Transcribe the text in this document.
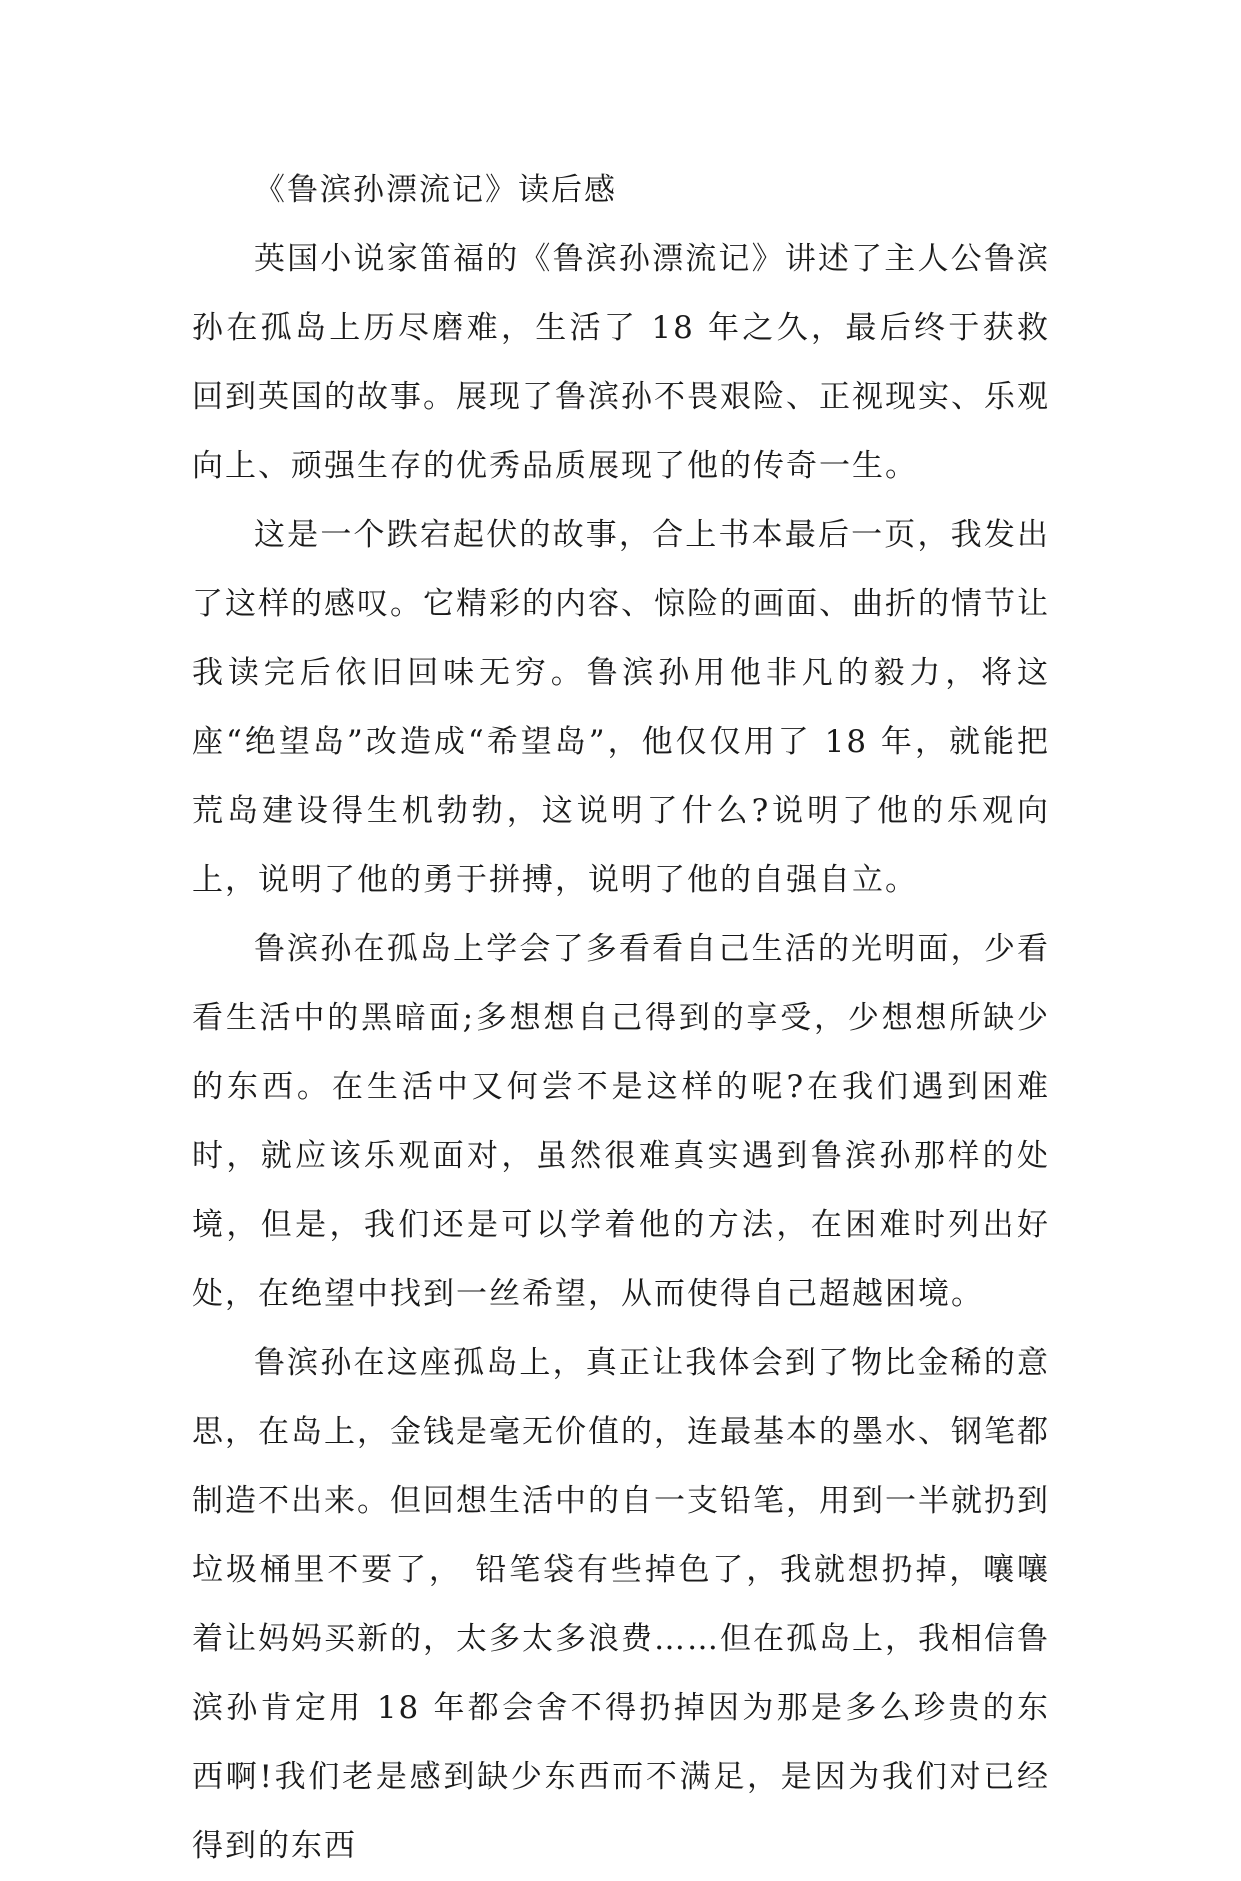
《鲁滨孙漂流记》读后感

英国小说家笛福的《鲁滨孙漂流记》讲述了主人公鲁滨孙在孤岛上历尽磨难，生活了 18 年之久，最后终于获救回到英国的故事。展现了鲁滨孙不畏艰险、正视现实、乐观向上、顽强生存的优秀品质展现了他的传奇一生。

这是一个跌宕起伏的故事，合上书本最后一页，我发出了这样的感叹。它精彩的内容、惊险的画面、曲折的情节让我读完后依旧回味无穷。鲁滨孙用他非凡的毅力，将这座“绝望岛”改造成“希望岛”，他仅仅用了 18 年，就能把荒岛建设得生机勃勃，这说明了什么?说明了他的乐观向上，说明了他的勇于拼搏，说明了他的自强自立。

鲁滨孙在孤岛上学会了多看看自己生活的光明面，少看看生活中的黑暗面;多想想自己得到的享受，少想想所缺少的东西。在生活中又何尝不是这样的呢?在我们遇到困难时，就应该乐观面对，虽然很难真实遇到鲁滨孙那样的处境，但是，我们还是可以学着他的方法，在困难时列出好处，在绝望中找到一丝希望，从而使得自己超越困境。

鲁滨孙在这座孤岛上，真正让我体会到了物比金稀的意思，在岛上，金钱是毫无价值的，连最基本的墨水、钢笔都制造不出来。但回想生活中的自一支铅笔，用到一半就扔到垃圾桶里不要了， 铅笔袋有些掉色了，我就想扔掉，嚷嚷着让妈妈买新的，太多太多浪费……但在孤岛上，我相信鲁滨孙肯定用 18 年都会舍不得扔掉因为那是多么珍贵的东西啊!我们老是感到缺少东西而不满足，是因为我们对已经得到的东西
